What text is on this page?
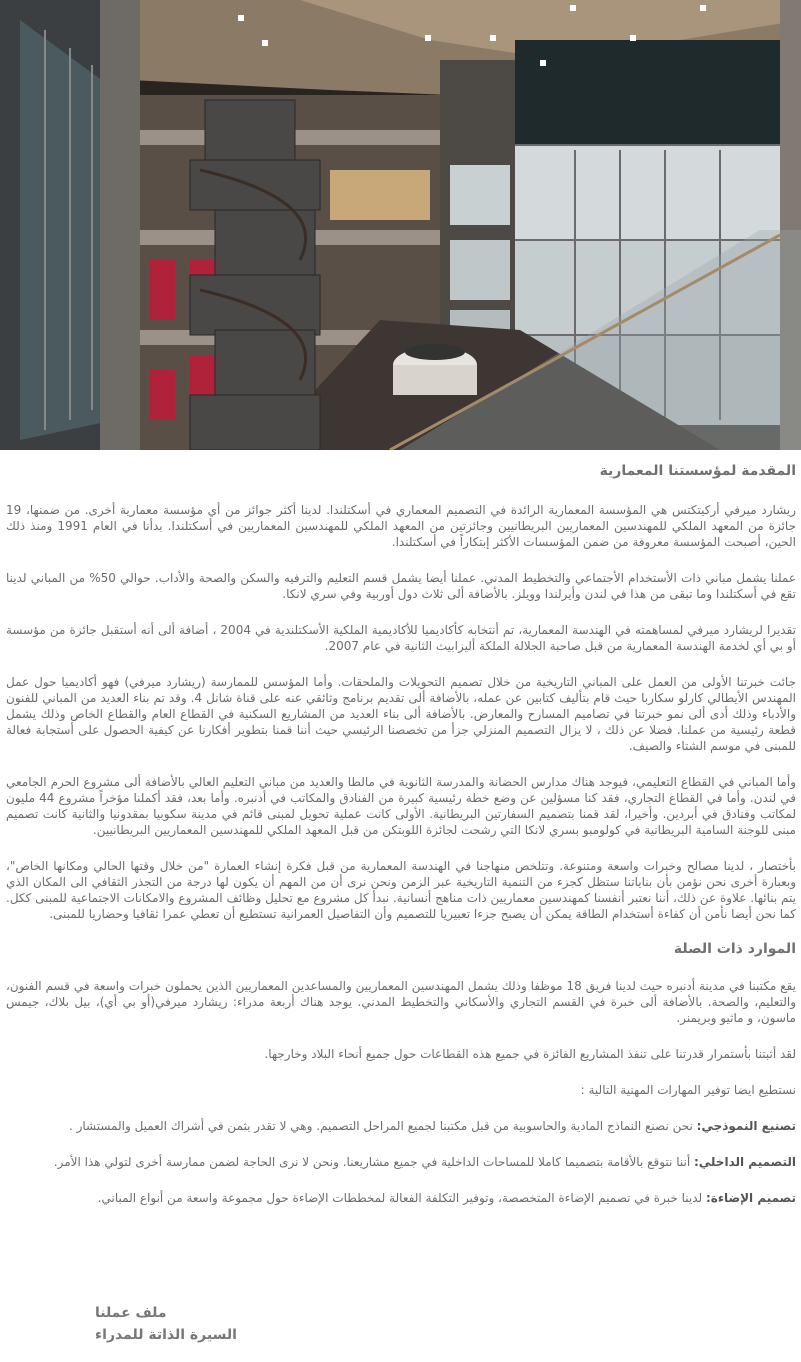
المقدمة لمؤسستنا المعمارية

ريشارد ميرفي أركيتكتس هي المؤسسة المعمارية الرائدة في التصميم المعماري في أسكتلندا. لدينا أكثر جوائز من أي مؤسسة معمارية أخرى. من ضمنها، 19 جائزة من المعهد الملكي للمهندسين المعماريين البريطانيين وجائزتين من المعهد الملكي للمهندسين المعماريين في أسكتلندا. بدأنا في العام 1991 ومنذ ذلك الحين، أصبحت المؤسسة معروفة من ضمن المؤسسات الأكثر إبتكاراً في أسكتلندا.

عملنا يشمل مباني ذات الأستخدام الأجتماعي والتخطيط المدني. عملنا أيضا يشمل قسم التعليم والترفيه والسكن والصحة والأداب. حوالي 50% من المباني لدينا تقع في أسكتلندا وما تبقى من هذا في لندن وأيرلندا وويلز. بالأضافة ألى ثلاث دول أوربية وفي سري لانكا.

تقديرا لريشارد ميرفي لمساهمته في الهندسة المعمارية، تم أنتخابه كأكاديميا للأكاديمية الملكية الأسكتلندية في 2004 ، أضافة ألى أنه أستقبل جائزة من مؤسسة أو بي أي لخدمة الهندسة المعمارية من قبل صاحبة الجلالة الملكة أليزابيث الثانية في عام 2007.

جائت خبرتنا الأولى من العمل على المباني التاريخية من خلال تصميم التحويلات والملحقات. وأما المؤسس للممارسة (ريشارد ميرفي) فهو أكاديميا حول عمل المهندس الأيطالي كارلو سكاربا حيث قام بتأليف كتابين عن عمله، بالأضافة ألى تقديم برنامج وثائقي عنه على قناة شانل 4. وقد تم بناء العديد من المباني للفنون والأدباء وذلك أدى ألى نمو خبرتنا في تصاميم المسارح والمعارض. بالأضافة ألى بناء العديد من المشاريع السكنية في القطاع العام والقطاع الخاص وذلك يشمل قطعة رئيسية من عملنا. فضلا عن ذلك ، لا يزال التصميم المنزلي جزأ من تخصصنا الرئيسي حيث أننا قمنا بتطوير أفكارنا عن كيفية الحصول على أستجابة فعالة للمبنى في موسم الشتاء والصيف.

وأما المباني في القطاع التعليمي، فيوجد هناك مدارس الحضانة والمدرسة الثانوية في مالطا والعديد من مباني التعليم العالي بالأضافة ألى مشروع الحرم الجامعي في لندن. وأما في القطاع التجاري، فقد كنا مسؤلين عن وضع خطة رئيسية كبيرة من الفنادق والمكاتب في أدنبره. وأما بعد، فقد أكملنا مؤخراً مشروع 44 مليون لمكاتب وفنادق في أبردين. وأخيرا، لقد قمنا بتصميم السفارتين البريطانية. الأولى كانت عملية تحويل لمبنى قائم في مدينة سكوبيا بمقدونيا والثانية كانت تصميم مبنى للوجنة السامية البريطانية في كولومبو بسري لانكا التي رشحت لجائزة اللوبتكن من قبل المعهد الملكي للمهندسين المعماريين البريطانيين.

بأختصار ، لدينا مصالح وخبرات واسعة ومتنوعة. وتتلخص منهاجنا في الهندسة المعمارية من قبل فكرة إنشاء العمارة "من خلال وقتها الحالي ومكانها الخاص"، وبعبارة أخرى نحن نؤمن بأن بناياتنا ستظل كجزء من التنمية التاريخية عبر الزمن ونحن نرى أن من المهم أن يكون لها درجة من التجذر الثقافي الى المكان الذي يتم بنائها. علاوة عن ذلك، أننا نعتبر أنفسنا كمهندسين معماريين ذات مناهج أنسانية. نبدأ كل مشروع مع تحليل وظائف المشروع والامكانات الاجتماعية للمبنى ككل. كما نحن أيضا نأمن أن كفاءة أستخدام الطاقة يمكن أن يصبح جزءا تعبيريا للتصميم وأن التفاصيل العمرانية تستطيع أن تعطي عمرا ثقافيا وحضاريا للمبنى.

الموارد ذات الصلة

يقع مكتبنا في مدينة أدنبره حيث لدينا فريق 18 موظفا وذلك يشمل المهندسين المعماريين والمساعدين المعماريين الذين يحملون خبرات واسعة في قسم الفنون، والتعليم، والصحة. بالأضافة ألى خبرة في القسم التجاري والأسكاني والتخطيط المدني. يوجد هناك أربعة مدراء: ريشارد ميرفي(أو بي أي)، بيل بلاك، جيمس ماسون، و ماثيو وبريمنر.

لقد أثبتنا بأستمرار قدرتنا على تنفذ المشاريع الفائزة في جميع هذه القطاعات حول جميع أنحاء البلاد وخارجها.

نستطيع ايضا توفير المهارات المهنية التالية :

تصنيع النموذجي: نحن نصنع النماذج المادية والحاسوبية من قبل مكتبنا لجميع المراحل التصميم. وهي لا تقدر بثمن في أشراك العميل والمستشار .

التصميم الداخلي: أننا نتوقع بالأقامة بتصميما كاملا للمساحات الداخلية في جميع مشاريعنا. ونحن لا نرى الحاجة لضمن ممارسة أخرى لتولي هذا الأمر.

تصميم الإضاءة: لدينا خبرة في تصميم الإضاءة المتخصصة، وتوفير التكلفة الفعالة لمخططات الإضاءة حول مجموعة واسعة من أنواع المباني.

ملف عملنا
السيرة الذاتة للمدراء
